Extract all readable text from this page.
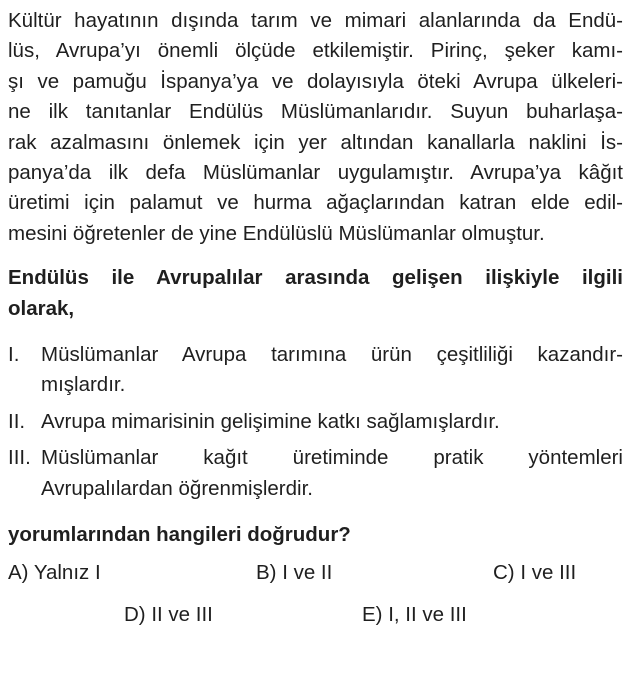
Kültür hayatının dışında tarım ve mimari alanlarında da Endü-
lüs, Avrupa’yı önemli ölçüde etkilemiştir. Pirinç, şeker kamı-
şı ve pamuğu İspanya’ya ve dolayısıyla öteki Avrupa ülkeleri-
ne ilk tanıtanlar Endülüs Müslümanlarıdır. Suyun buharlaşa-
rak azalmasını önlemek için yer altından kanallarla naklini İs-
panya’da ilk defa Müslümanlar uygulamıştır. Avrupa’ya kâğıt
üretimi için palamut ve hurma ağaçlarından katran elde edil-
mesini öğretenler de yine Endülüslü Müslümanlar olmuştur.

Endülüs ile Avrupalılar arasında gelişen ilişkiyle ilgili
olarak,
I.	Müslümanlar Avrupa tarımına ürün çeşitliliği kazandır-
mışlardır.
II. Avrupa mimarisinin gelişimine katkı sağlamışlardır.
III. Müslümanlar kağıt üretiminde pratik yöntemleri
Avrupalılardan öğrenmişlerdir.
yorumlarından hangileri doğrudur?
A) Yalnız I	B) I ve II	C) I ve III
D) II ve III	E) I, II ve III
